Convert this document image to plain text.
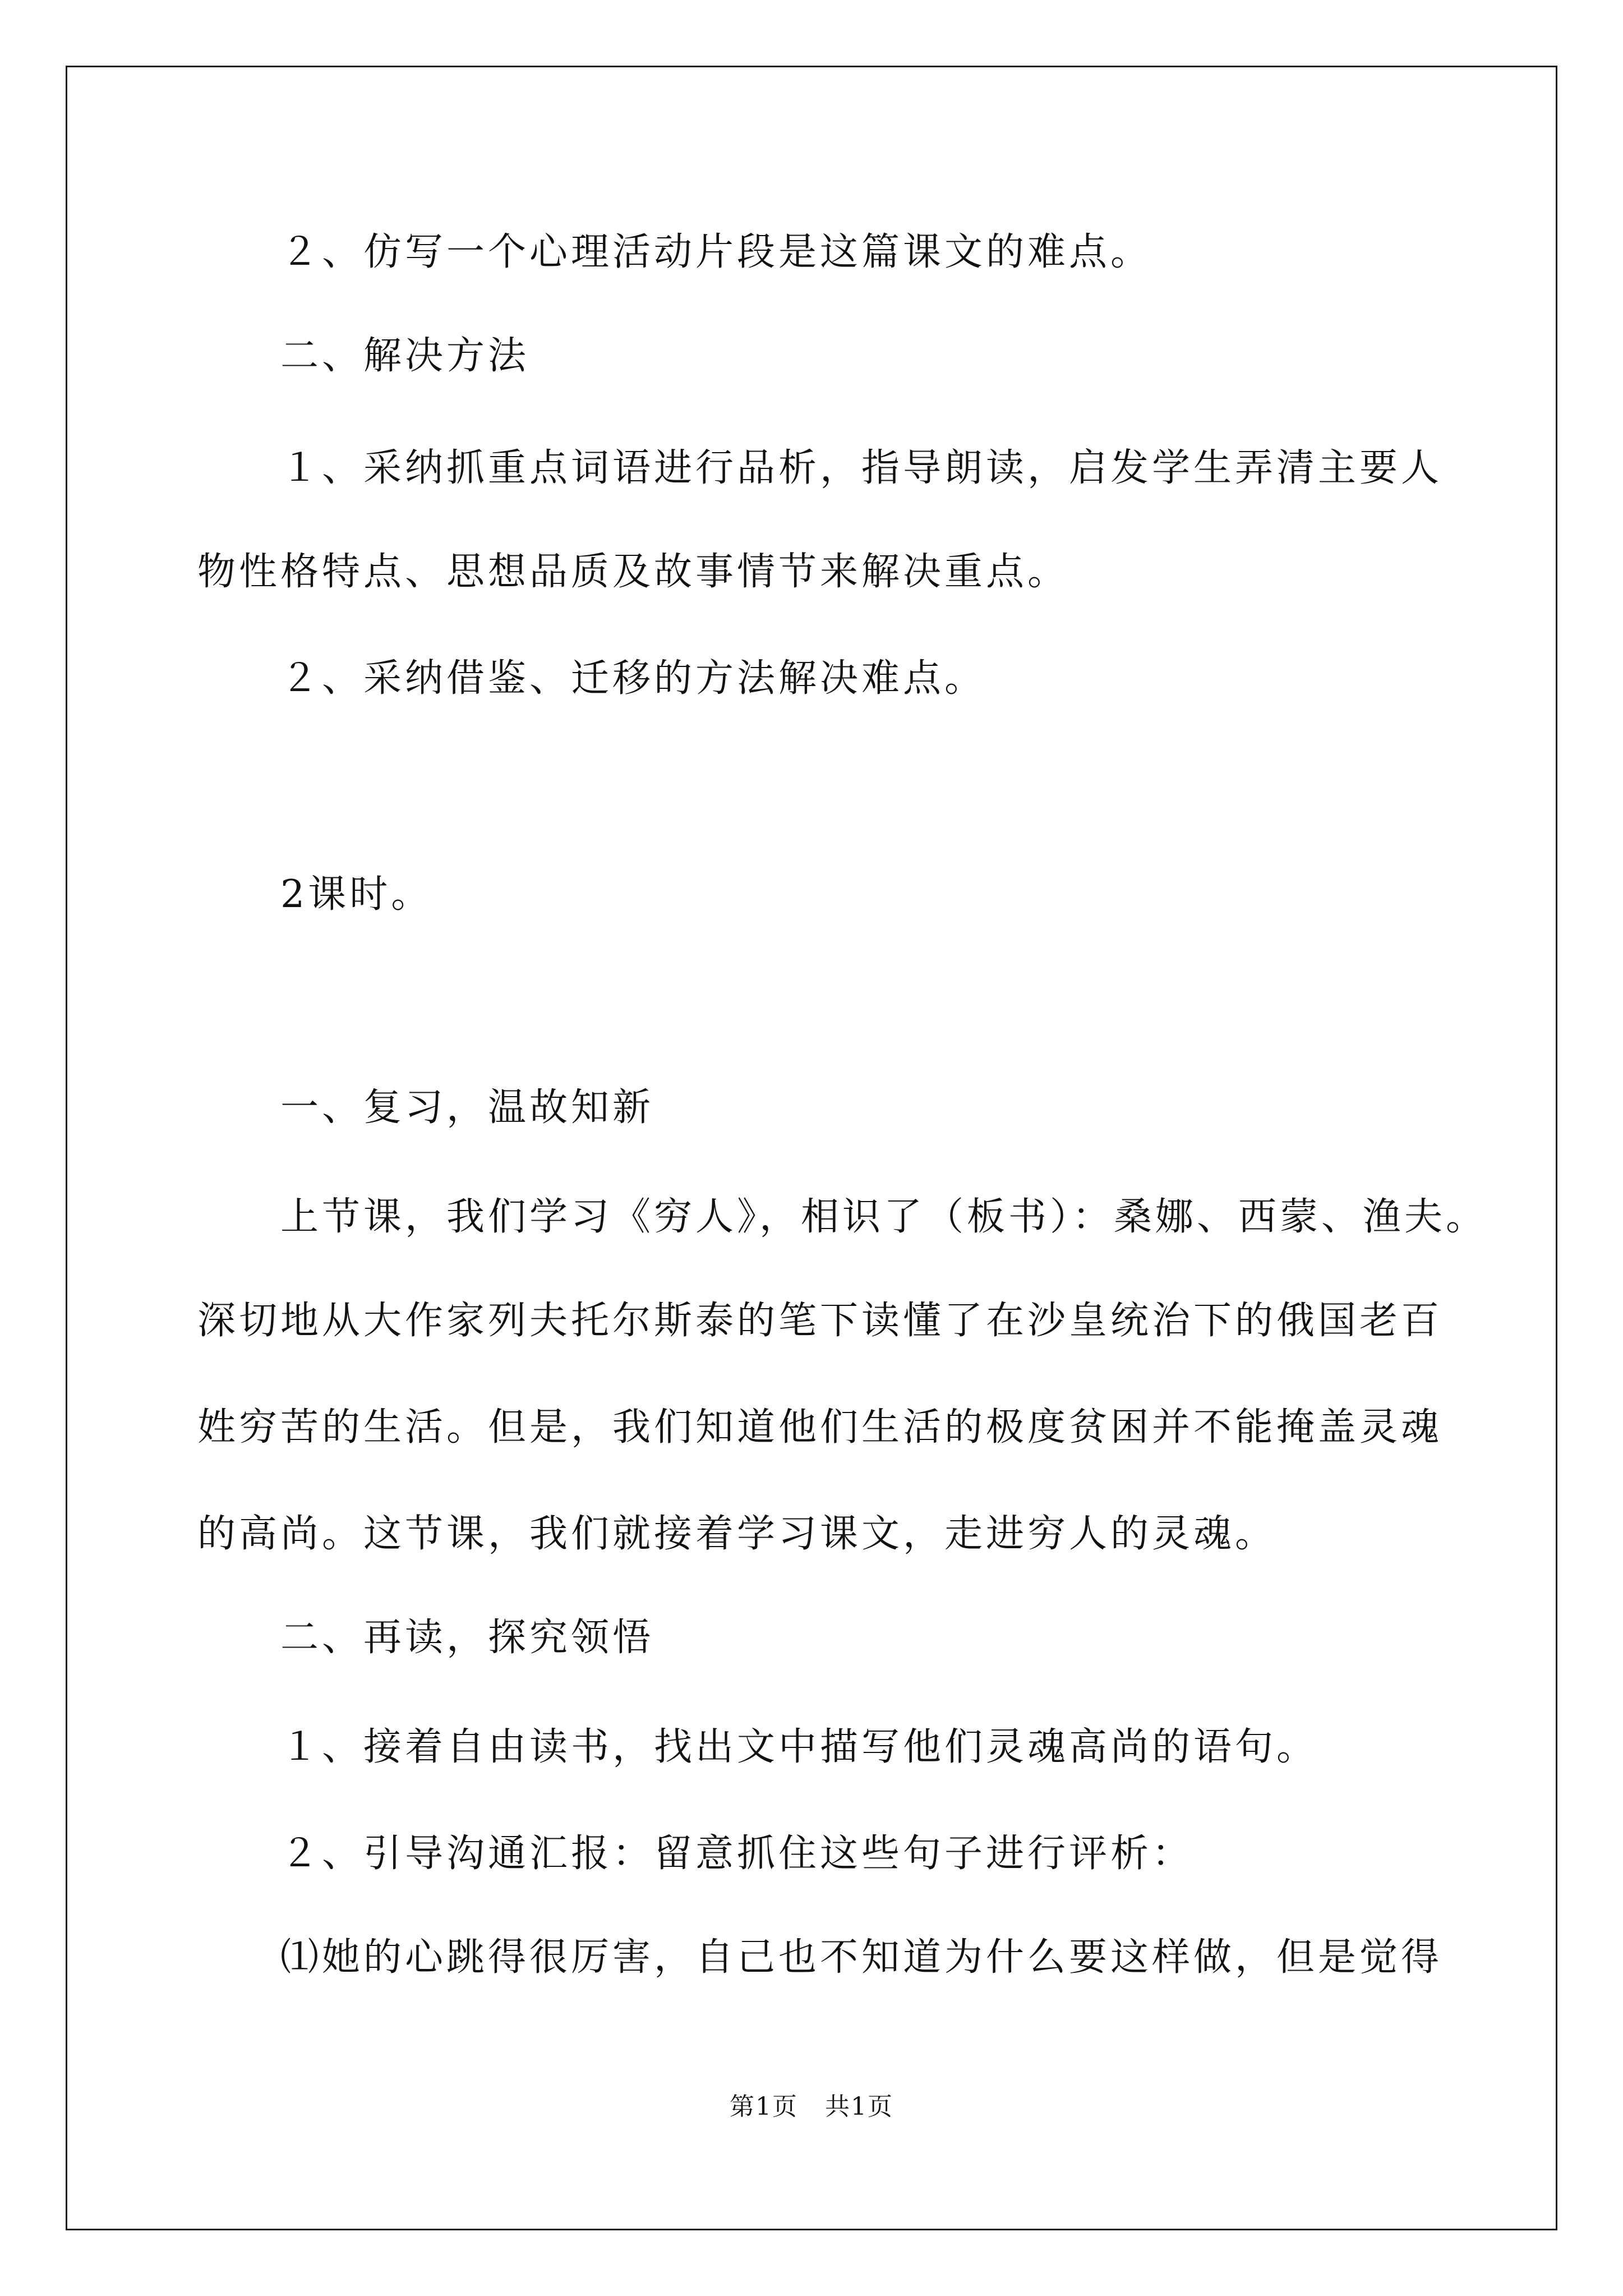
２、仿写一个心理活动片段是这篇课文的难点。
二、解决方法
１、采纳抓重点词语进行品析，指导朗读，启发学生弄清主要人
物性格特点、思想品质及故事情节来解决重点。
２、采纳借鉴、迁移的方法解决难点。
2课时。
一、复习，温故知新
上节课，我们学习《穷人》，相识了（板书）：桑娜、西蒙、渔夫。
深切地从大作家列夫托尔斯泰的笔下读懂了在沙皇统治下的俄国老百
姓穷苦的生活。但是，我们知道他们生活的极度贫困并不能掩盖灵魂
的高尚。这节课，我们就接着学习课文，走进穷人的灵魂。
二、再读，探究领悟
１、接着自由读书，找出文中描写他们灵魂高尚的语句。
２、引导沟通汇报：留意抓住这些句子进行评析：
⑴她的心跳得很厉害，自己也不知道为什么要这样做，但是觉得
第1页   共1页
